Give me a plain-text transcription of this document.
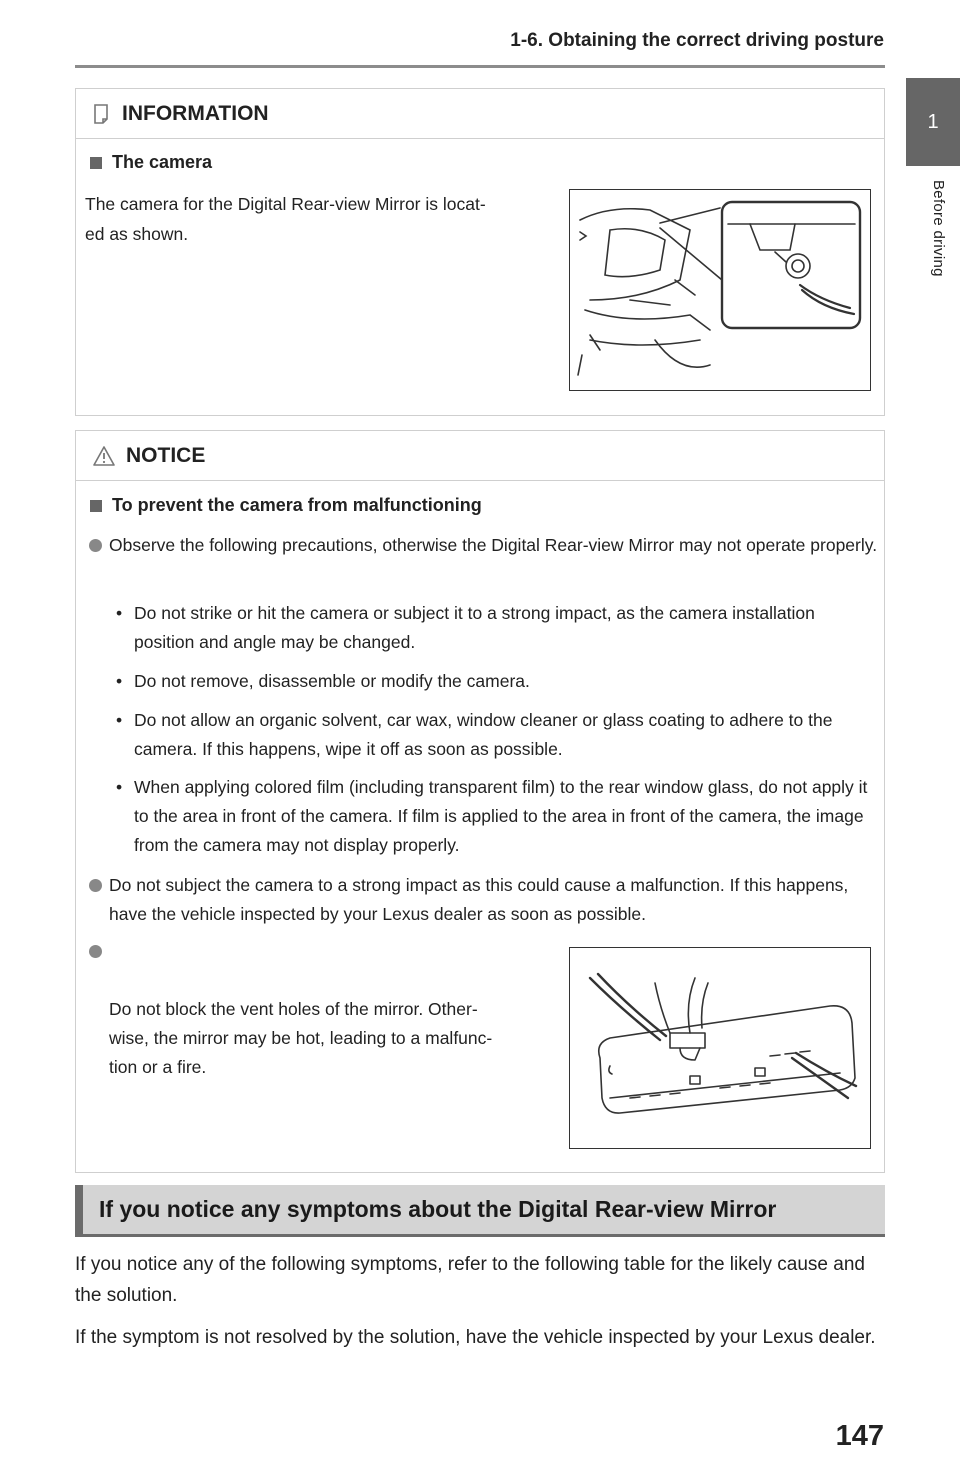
1-6. Obtaining the correct driving posture
1
Before driving
INFORMATION
The camera
The camera for the Digital Rear-view Mirror is locat-
ed as shown.
NOTICE
To prevent the camera from malfunctioning
Observe the following precautions, otherwise the Digital Rear-view Mirror may not operate properly.
• Do not strike or hit the camera or subject it to a strong impact, as the camera installation position and angle may be changed.
• Do not remove, disassemble or modify the camera.
• Do not allow an organic solvent, car wax, window cleaner or glass coating to adhere to the camera. If this happens, wipe it off as soon as possible.
• When applying colored film (including transparent film) to the rear window glass, do not apply it to the area in front of the camera. If film is applied to the area in front of the camera, the image from the camera may not display properly.
Do not subject the camera to a strong impact as this could cause a malfunction. If this happens, have the vehicle inspected by your Lexus dealer as soon as possible.

Do not block the vent holes of the mirror. Other-
wise, the mirror may be hot, leading to a malfunc-
tion or a fire.

If you notice any symptoms about the Digital Rear-view Mirror
If you notice any of the following symptoms, refer to the following table for the likely cause and the solution.
If the symptom is not resolved by the solution, have the vehicle inspected by your Lexus dealer.
147
